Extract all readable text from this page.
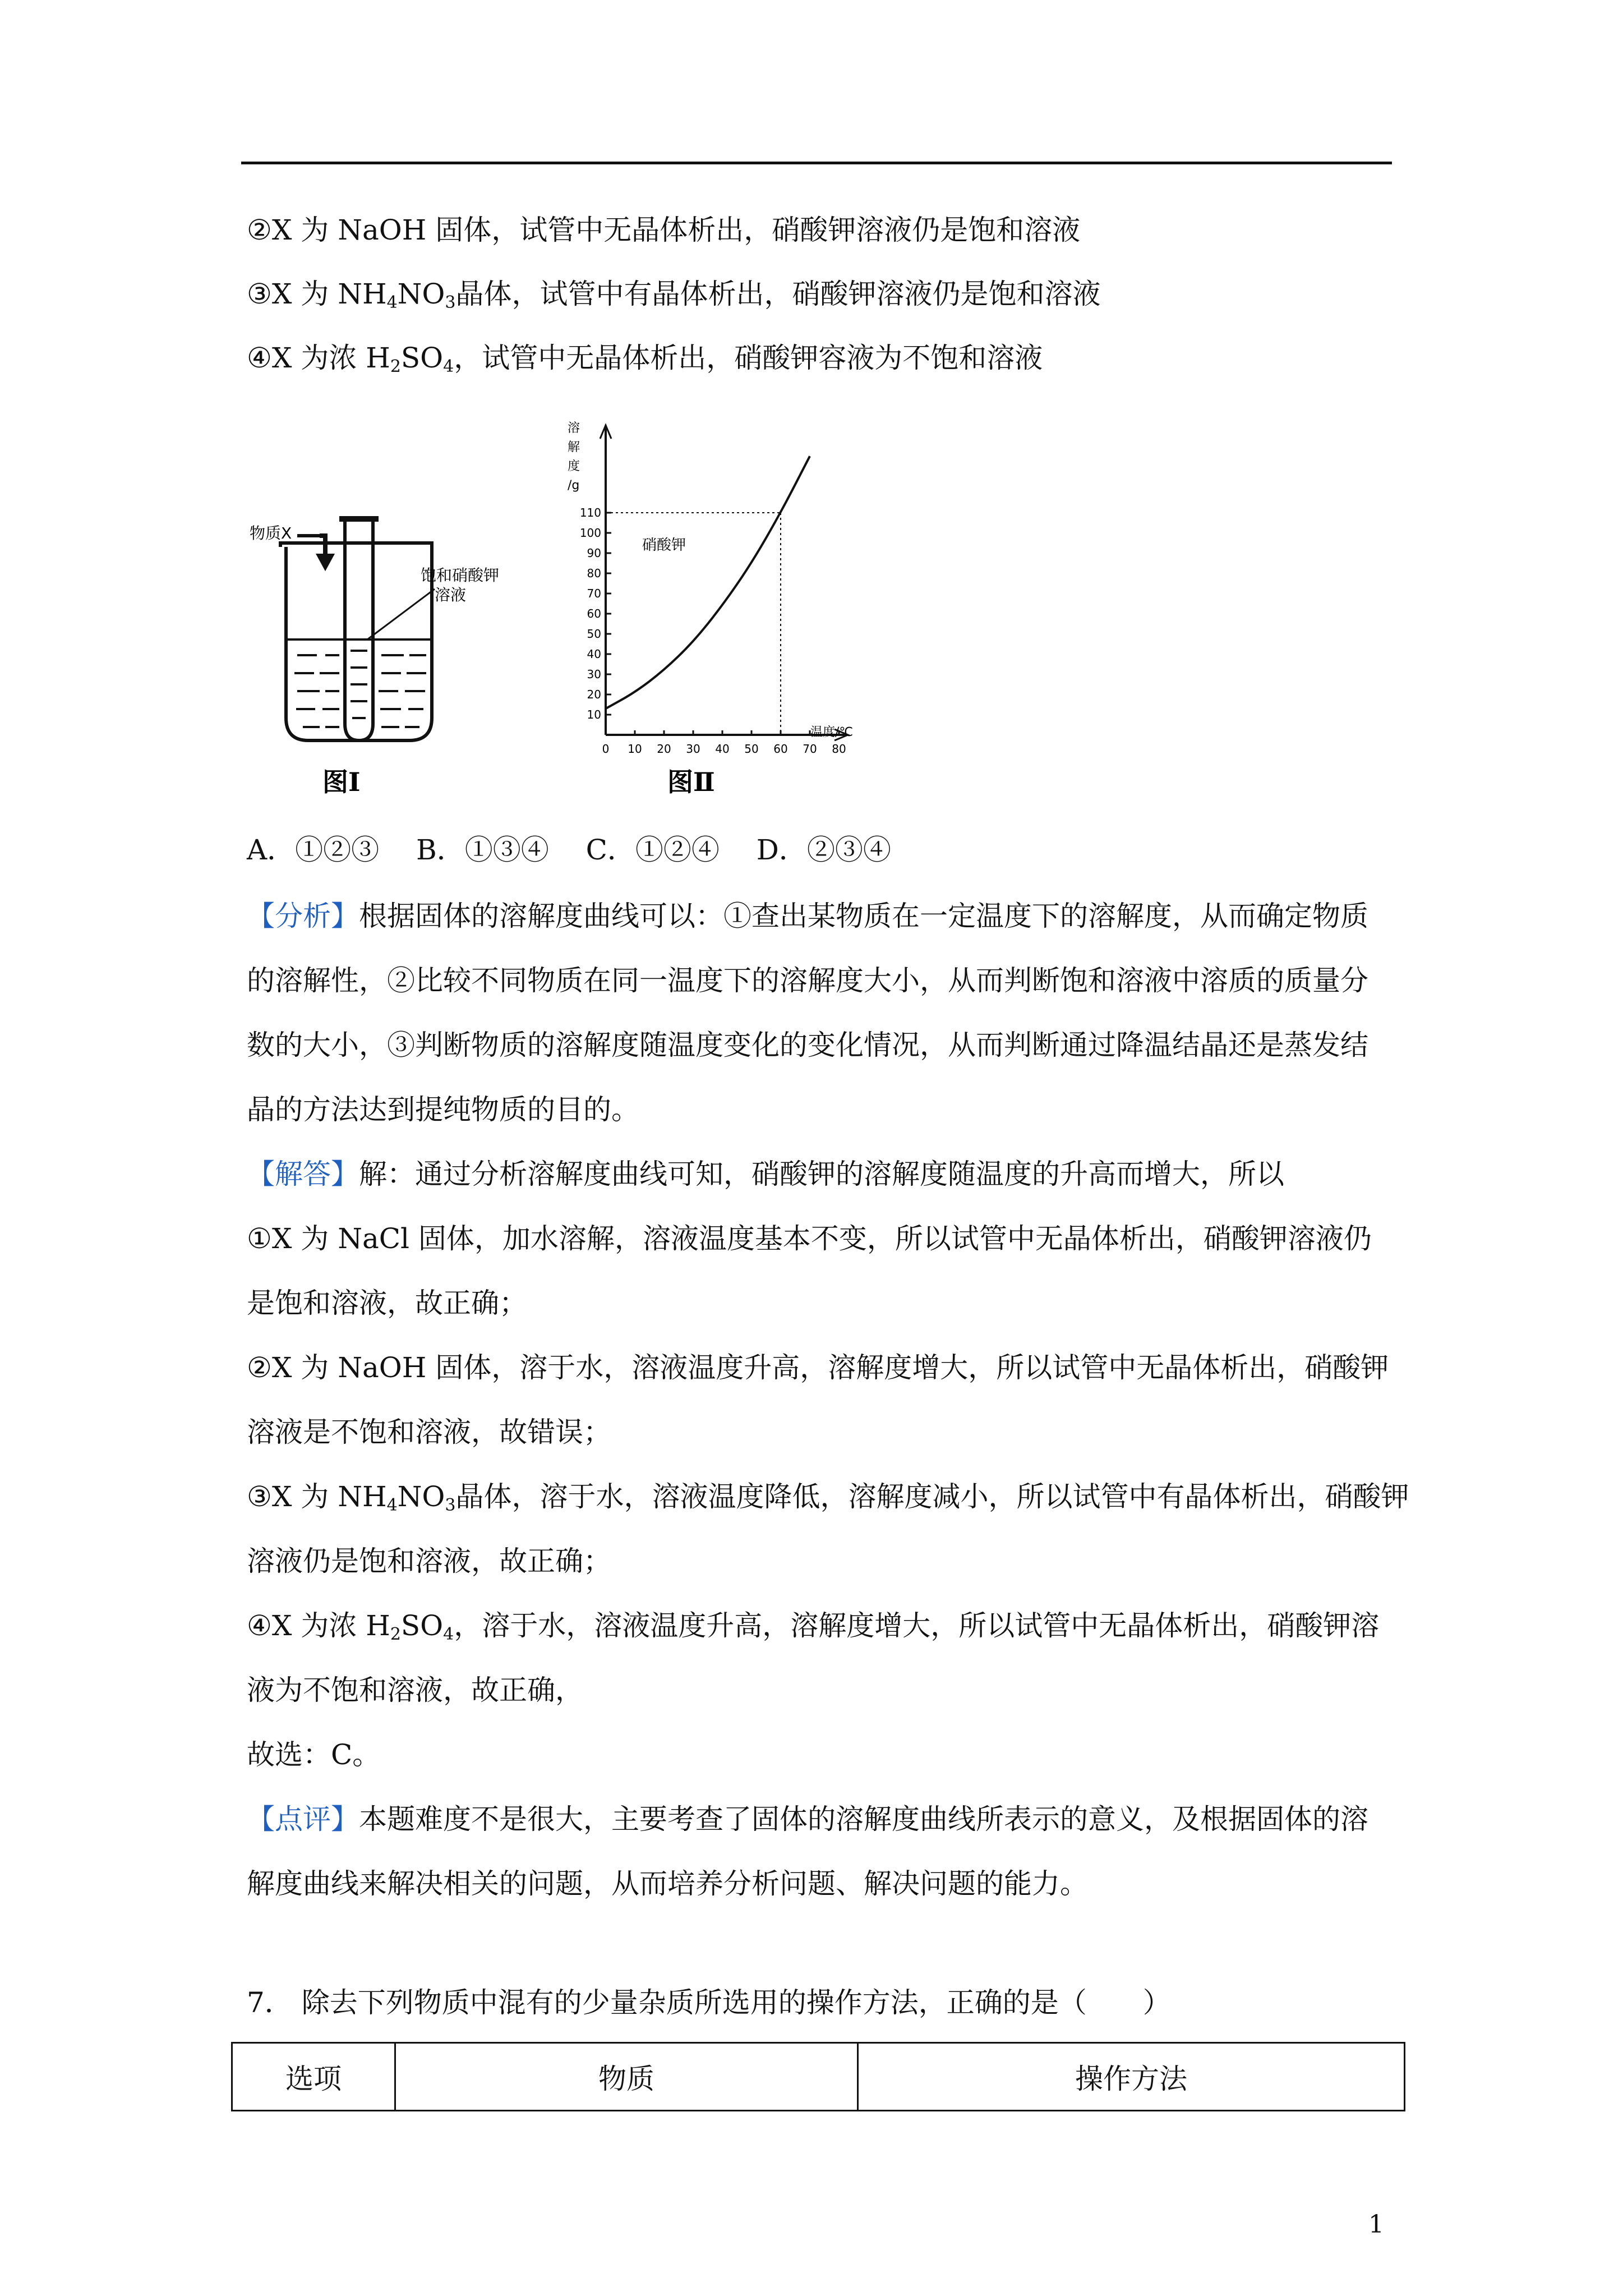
②X 为 NaOH 固体，试管中无晶体析出，硝酸钾溶液仍是饱和溶液
③X 为 $NH_4NO_3$晶体，试管中有晶体析出，硝酸钾溶液仍是饱和溶液
④X 为浓 $H_2SO_4$，试管中无晶体析出，硝酸钾容液为不饱和溶液
物质X
饱和硝酸钾
溶液
图Ⅰ
10
20
30
40
50
60
70
80
90
100
110
0 10 20 30 40 50 60 70 80
溶
解
度
/g
温度/℃
硝酸钾
图Ⅱ
A．①②③　 B．①③④　 C．①②④　 D．②③④
【分析】根据固体的溶解度曲线可以：①查出某物质在一定温度下的溶解度，从而确定物质
的溶解性，②比较不同物质在同一温度下的溶解度大小，从而判断饱和溶液中溶质的质量分
数的大小，③判断物质的溶解度随温度变化的变化情况，从而判断通过降温结晶还是蒸发结
晶的方法达到提纯物质的目的。
【解答】解：通过分析溶解度曲线可知，硝酸钾的溶解度随温度的升高而增大，所以
①X 为 NaCl 固体，加水溶解，溶液温度基本不变，所以试管中无晶体析出，硝酸钾溶液仍
是饱和溶液，故正确；
②X 为 NaOH 固体，溶于水，溶液温度升高，溶解度增大，所以试管中无晶体析出，硝酸钾
溶液是不饱和溶液，故错误；
③X 为 $NH_4NO_3$晶体，溶于水，溶液温度降低，溶解度减小，所以试管中有晶体析出，硝酸钾
溶液仍是饱和溶液，故正确；
④X 为浓 $H_2SO_4$，溶于水，溶液温度升高，溶解度增大，所以试管中无晶体析出，硝酸钾溶
液为不饱和溶液，故正确，
故选：C。
【点评】本题难度不是很大，主要考查了固体的溶解度曲线所表示的意义，及根据固体的溶
解度曲线来解决相关的问题，从而培养分析问题、解决问题的能力。
7． 除去下列物质中混有的少量杂质所选用的操作方法，正确的是（　　）
选项	物质	操作方法
1
